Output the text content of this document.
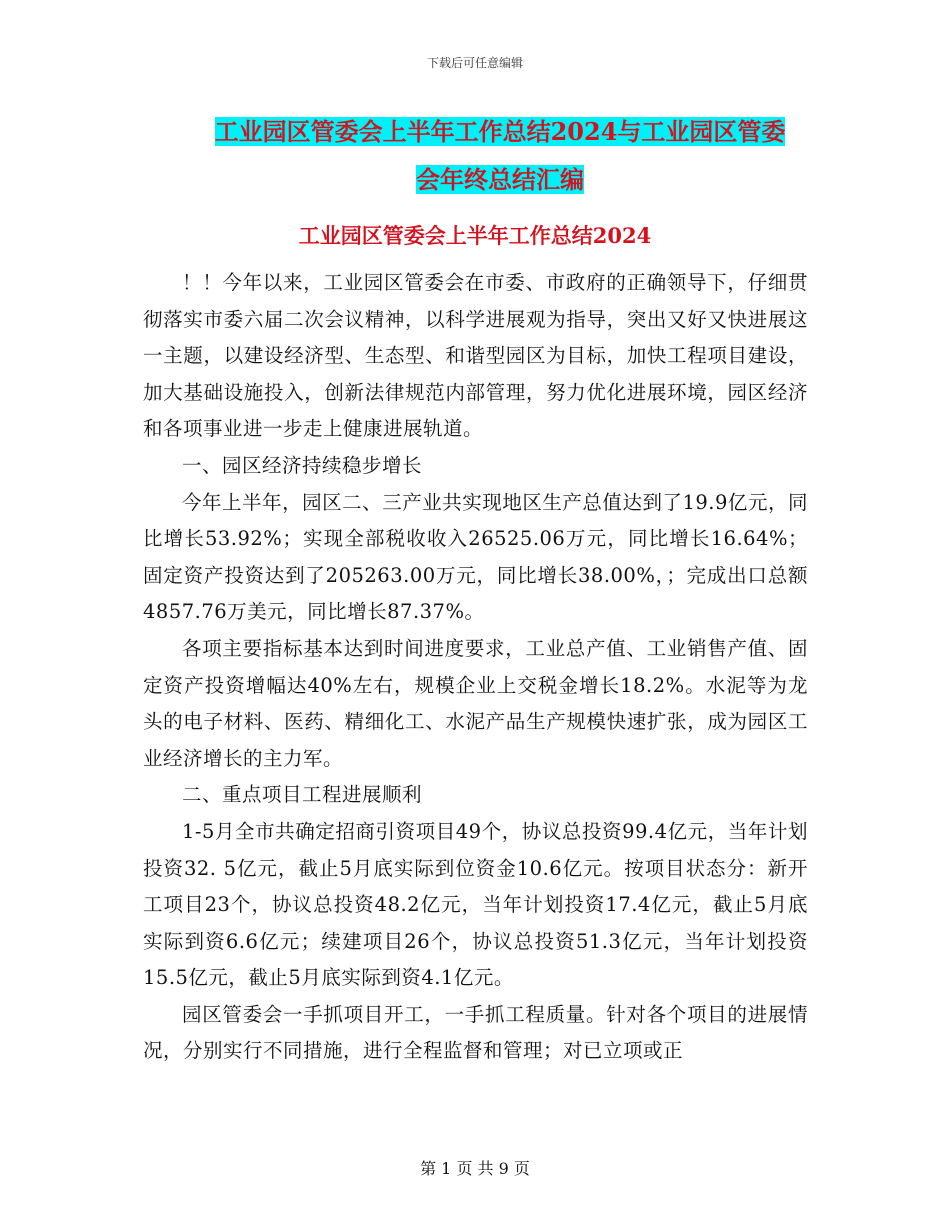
下载后可任意编辑
工业园区管委会上半年工作总结2024与工业园区管委
会年终总结汇编
工业园区管委会上半年工作总结2024

！！今年以来，工业园区管委会在市委、市政府的正确领导下，仔细贯彻落实市委六届二次会议精神，以科学进展观为指导，突出又好又快进展这一主题，以建设经济型、生态型、和谐型园区为目标，加快工程项目建设，加大基础设施投入，创新法律规范内部管理，努力优化进展环境，园区经济和各项事业进一步走上健康进展轨道。

一、园区经济持续稳步增长

今年上半年，园区二、三产业共实现地区生产总值达到了19.9亿元，同比增长53.92%；实现全部税收收入26525.06万元，同比增长16.64%；固定资产投资达到了205263.00万元，同比增长38.00%，；完成出口总额4857.76万美元，同比增长87.37%。

各项主要指标基本达到时间进度要求，工业总产值、工业销售产值、固定资产投资增幅达40%左右，规模企业上交税金增长18.2%。水泥等为龙头的电子材料、医药、精细化工、水泥产品生产规模快速扩张，成为园区工业经济增长的主力军。

二、重点项目工程进展顺利

1-5月全市共确定招商引资项目49个，协议总投资99.4亿元，当年计划投资32. 5亿元，截止5月底实际到位资金10.6亿元。按项目状态分：新开工项目23个，协议总投资48.2亿元，当年计划投资17.4亿元，截止5月底实际到资6.6亿元；续建项目26个，协议总投资51.3亿元，当年计划投资15.5亿元，截止5月底实际到资4.1亿元。

园区管委会一手抓项目开工，一手抓工程质量。针对各个项目的进展情况，分别实行不同措施，进行全程监督和管理；对已立项或正

第 1 页 共 9 页
